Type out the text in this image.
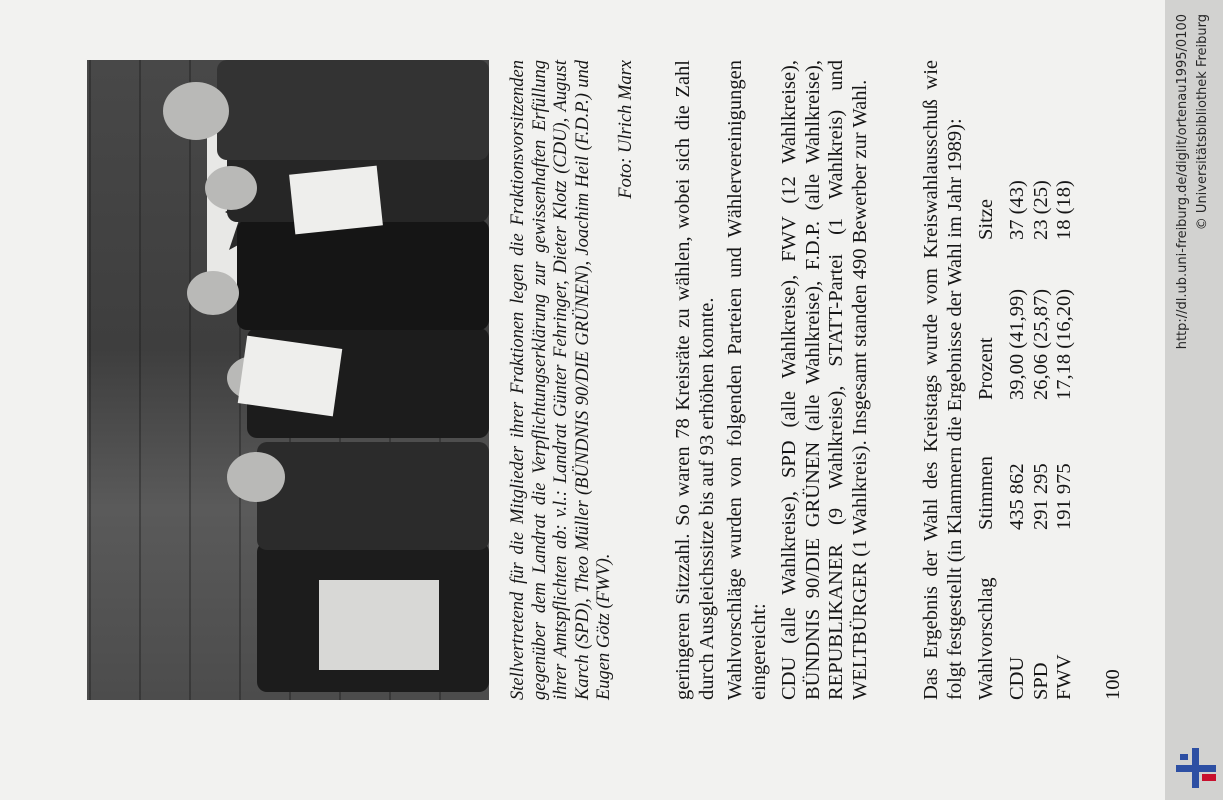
Stellvertretend für die Mitglieder ihrer Fraktionen legen die Fraktionsvorsitzenden gegenüber dem Landrat die Verpflichtungserklärung zur gewissenhaften Erfüllung ihrer Amtspflichten ab: v.l.: Landrat Günter Fehringer, Dieter Klotz (CDU), August Karch (SPD), Theo Müller (BÜNDNIS 90/DIE GRÜNEN), Joachim Heil (F.D.P.) und Eugen Götz (FWV).
Foto: Ulrich Marx geringeren Sitzzahl. So waren 78 Kreisräte zu wählen, wobei sich die Zahl durch Ausgleichssitze bis auf 93 erhöhen konnte. Wahlvorschläge wurden von folgenden Parteien und Wählervereinigungen eingereicht: CDU (alle Wahlkreise), SPD (alle Wahlkreise), FWV (12 Wahlkreise), BÜNDNIS 90/DIE GRÜNEN (alle Wahlkreise), F.D.P. (alle Wahlkreise), REPUBLIKANER (9 Wahlkreise), STATT-Partei (1 Wahlkreis) und WELTBÜRGER (1 Wahlkreis). Insgesamt standen 490 Bewerber zur Wahl. Das Ergebnis der Wahl des Kreistags wurde vom Kreiswahlausschuß wie folgt festgestellt (in Klammern die Ergebnisse der Wahl im Jahr 1989): Wahlvorschlag
Stimmen
Prozent
Sitze
CDU
435 862
39,00 (41,99)
37 (43)
SPD
291 295
26,06 (25,87)
23 (25)
FWV
191 975
17,18 (16,20)
18 (18)
100
http://dl.ub.uni-freiburg.de/diglit/ortenau1995/0100 © Universitätsbibliothek Freiburg
